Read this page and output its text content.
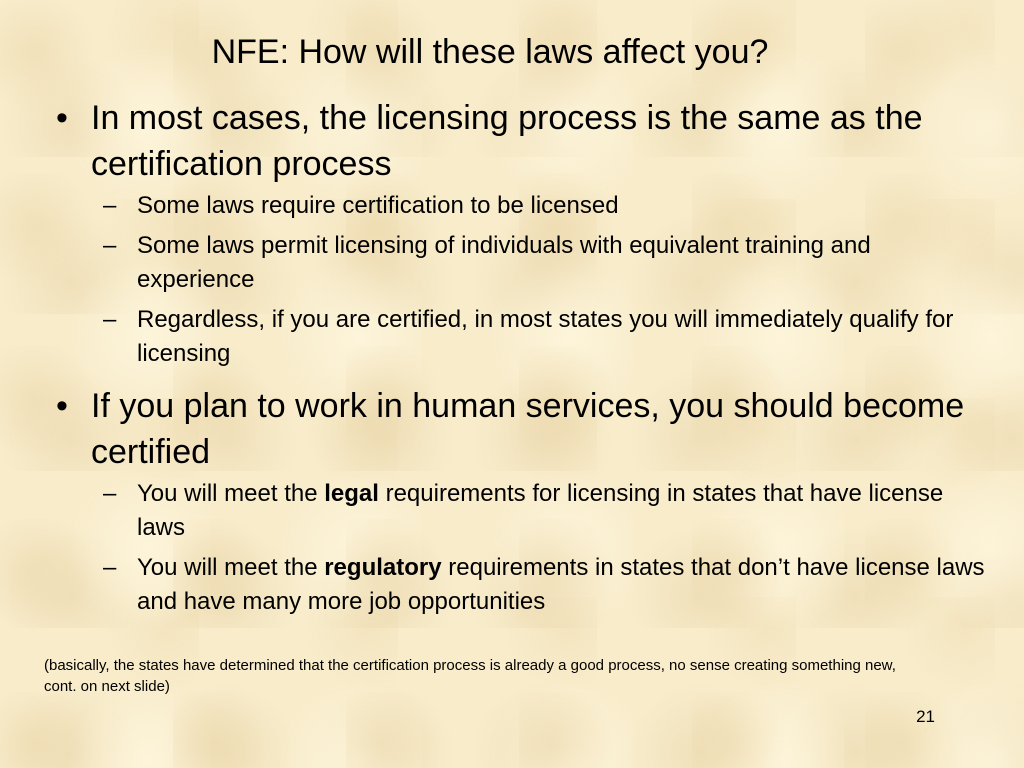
NFE: How will these laws affect you?
• In most cases, the licensing process is the same as the certification process
– Some laws require certification to be licensed
– Some laws permit licensing of individuals with equivalent training and experience
– Regardless, if you are certified, in most states you will immediately qualify for licensing
• If you plan to work in human services, you should become certified
– You will meet the legal requirements for licensing in states that have license laws
– You will meet the regulatory requirements in states that don’t have license laws and have many more job opportunities
(basically, the states have determined that the certification process is already a good process, no sense creating something new, cont. on next slide)
21
